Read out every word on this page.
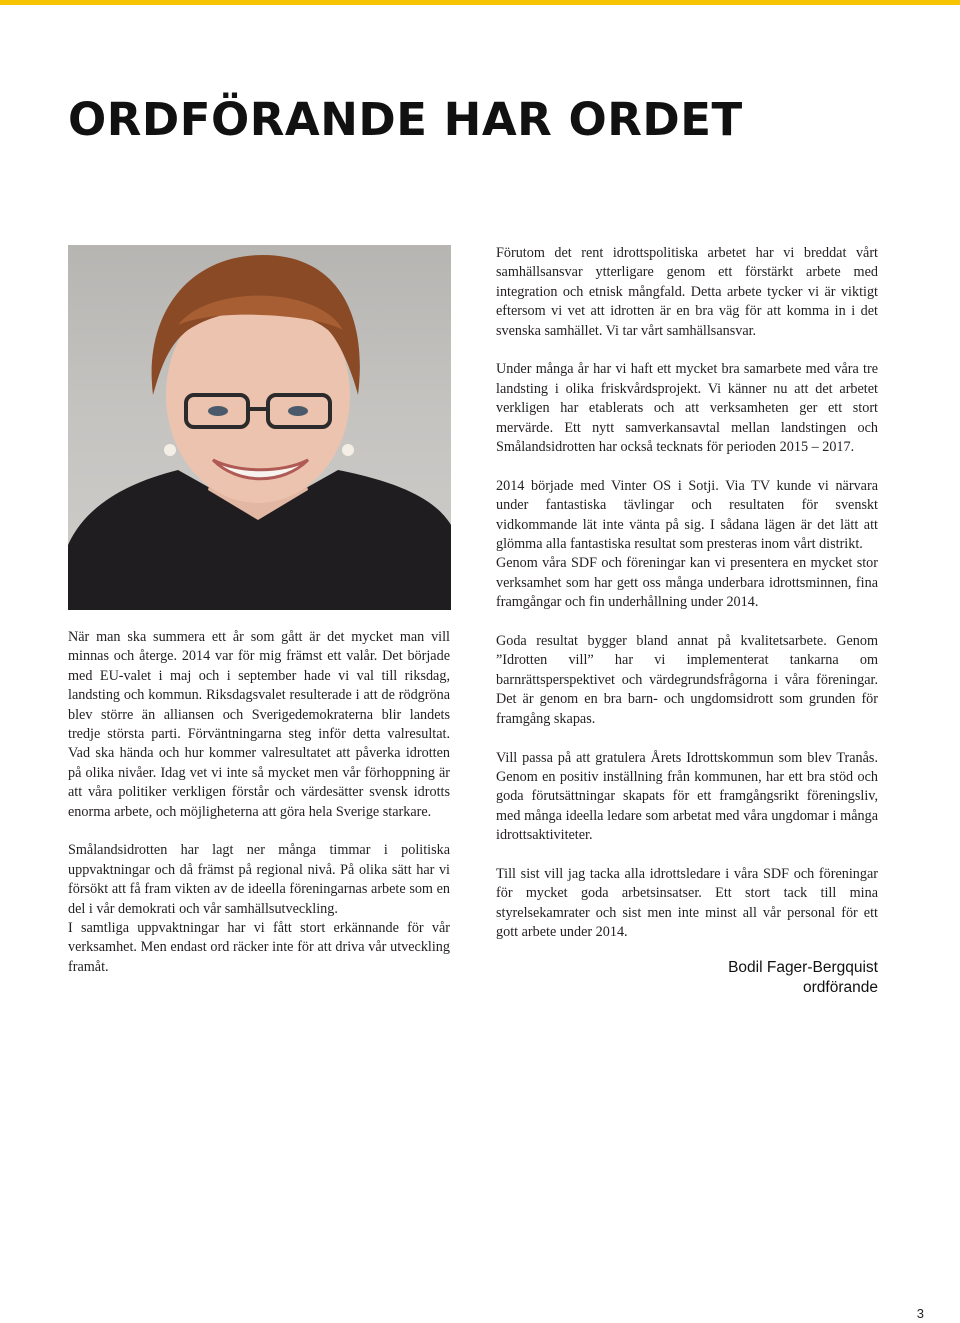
ORDFÖRANDE HAR ORDET

När man ska summera ett år som gått är det mycket man vill minnas och återge. 2014 var för mig främst ett valår. Det började med EU-valet i maj och i september hade vi val till riksdag, landsting och kommun. Riksdagsvalet resulterade i att de rödgröna blev större än alliansen och Sverigedemokraterna blir landets tredje största parti. Förväntningarna steg inför detta valresultat. Vad ska hända och hur kommer valresultatet att påverka idrotten på olika nivåer. Idag vet vi inte så mycket men vår förhoppning är att våra politiker verkligen förstår och värdesätter svensk idrotts enorma arbete, och möjligheterna att göra hela Sverige starkare.

Smålandsidrotten har lagt ner många timmar i politiska uppvaktningar och då främst på regional nivå. På olika sätt har vi försökt att få fram vikten av de ideella föreningarnas arbete som en del i vår demokrati och vår samhällsutveckling.

I samtliga uppvaktningar har vi fått stort erkännande för vår verksamhet. Men endast ord räcker inte för att driva vår utveckling framåt.

Förutom det rent idrottspolitiska arbetet har vi breddat vårt samhällsansvar ytterligare genom ett förstärkt arbete med integration och etnisk mångfald. Detta arbete tycker vi är viktigt eftersom vi vet att idrotten är en bra väg för att komma in i det svenska samhället. Vi tar vårt samhällsansvar.

Under många år har vi haft ett mycket bra samarbete med våra tre landsting i olika friskvårdsprojekt. Vi känner nu att det arbetet verkligen har etablerats och att verksamheten ger ett stort mervärde. Ett nytt samverkansavtal mellan landstingen och Smålandsidrotten har också tecknats för perioden 2015 – 2017.

2014 började med Vinter OS i Sotji. Via TV kunde vi närvara under fantastiska tävlingar och resultaten för svenskt vidkommande lät inte vänta på sig. I sådana lägen är det lätt att glömma alla fantastiska resultat som presteras inom vårt distrikt.

Genom våra SDF och föreningar kan vi presentera en mycket stor verksamhet som har gett oss många underbara idrottsminnen, fina framgångar och fin underhållning under 2014.

Goda resultat bygger bland annat på kvalitetsarbete. Genom ”Idrotten vill” har vi implementerat tankarna om barnrättsperspektivet och värdegrundsfrågorna i våra föreningar. Det är genom en bra barn- och ungdomsidrott som grunden för framgång skapas.

Vill passa på att gratulera Årets Idrottskommun som blev Tranås. Genom en positiv inställning från kommunen, har ett bra stöd och goda förutsättningar skapats för ett framgångsrikt föreningsliv, med många ideella ledare som arbetat med våra ungdomar i många idrottsaktiviteter.

Till sist vill jag tacka alla idrottsledare i våra SDF och föreningar för mycket goda arbetsinsatser. Ett stort tack till mina styrelsekamrater och sist men inte minst all vår personal för ett gott arbete under 2014.

Bodil Fager-Bergquist
ordförande
3
